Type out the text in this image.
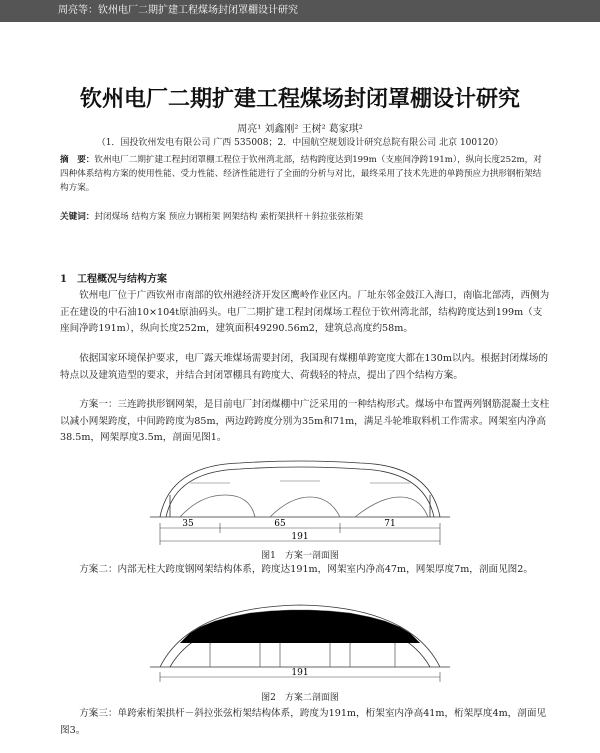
周亮等：钦州电厂二期扩建工程煤场封闭罩棚设计研究
钦州电厂二期扩建工程煤场封闭罩棚设计研究
周亮¹ 刘鑫刚² 王树² 葛家琪²
（1．国投钦州发电有限公司 广西 535008；2．中国航空规划设计研究总院有限公司 北京 100120）
摘　要：钦州电厂二期扩建工程封闭罩棚工程位于钦州湾北部，结构跨度达到199m（支座间净跨191m），纵向长度252m，对四种体系结构方案的使用性能、受力性能、经济性能进行了全面的分析与对比，最终采用了技术先进的单跨预应力拱形钢桁架结构方案。
关键词：封闭煤场 结构方案 预应力钢桁架 网架结构 索桁架拱杆＋斜拉张弦桁架
1　工程概况与结构方案
钦州电厂位于广西钦州市南部的钦州港经济开发区鹰岭作业区内。厂址东邻金鼓江入海口，南临北部湾，西侧为正在建设的中石油10×104t原油码头。电厂二期扩建工程封闭煤场工程位于钦州湾北部，结构跨度达到199m（支座间净跨191m），纵向长度252m，建筑面积49290.56m2，建筑总高度约58m。
依据国家环境保护要求，电厂露天堆煤场需要封闭，我国现有煤棚单跨宽度大都在130m以内。根据封闭煤场的特点以及建筑造型的要求，并结合封闭罩棚具有跨度大、荷载轻的特点，提出了四个结构方案。
方案一：三连跨拱形钢网架，是目前电厂封闭煤棚中广泛采用的一种结构形式。煤场中布置两列钢筋混凝土支柱以减小网架跨度，中间跨跨度为85m，两边跨跨度分别为35m和71m，满足斗轮堆取料机工作需求。网架室内净高38.5m，网架厚度3.5m，剖面见图1。
35	65	71
191
图1　方案一剖面图
方案二：内部无柱大跨度钢网架结构体系，跨度达191m，网架室内净高47m，网架厚度7m，剖面见图2。
191
图2　方案二剖面图
方案三：单跨索桁架拱杆－斜拉张弦桁架结构体系，跨度为191m，桁架室内净高41m，桁架厚度4m，剖面见图3。
